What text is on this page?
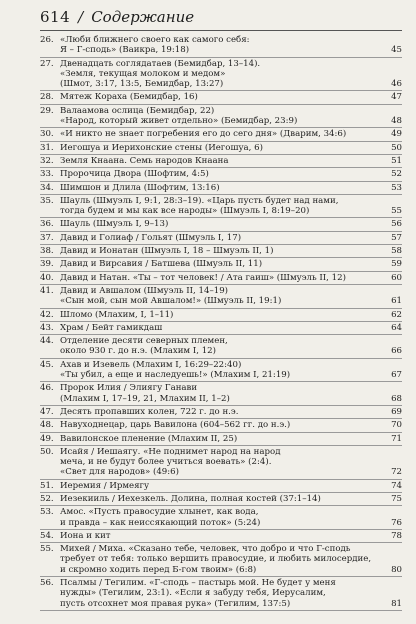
614 / Содержание
26. «Люби ближнего своего как самого себя:
Я – Г-сподь» (Ваикра, 19:18)	45
27. Двенадцать соглядатаев (Бемидбар, 13–14).
«Земля, текущая молоком и медом»
(Шмот, 3:17, 13:5, Бемидбар, 13:27)	46
28. Мятеж Кораха (Бемидбар, 16)	47
29. Валаамова ослица (Бемидбар, 22)
«Народ, который живет отдельно» (Бемидбар, 23:9)	48
30. «И никто не знает погребения его до сего дня» (Дварим, 34:6)	49
31. Йегошуа и Иерихонские стены (Йегошуа, 6)	50
32. Земля Кнаана. Семь народов Кнаана	51
33. Пророчица Двора (Шофтим, 4:5)	52
34. Шимшон и Длила (Шофтим, 13:16)	53
35. Шауль (Шмуэль I, 9:1, 28:3–19). «Царь пусть будет над нами,
тогда будем и мы как все народы» (Шмуэль I, 8:19–20)	55
36. Шауль (Шмуэль I, 9–13)	56
37. Давид и Голиаф / Гольят (Шмуэль I, 17)	57
38. Давид и Йонатан (Шмуэль I, 18 – Шмуэль II, 1)	58
39. Давид и Вирсавия / Батшева (Шмуэль II, 11)	59
40. Давид и Натан. «Ты – тот человек! / Ата гаиш» (Шмуэль II, 12)	60
41. Давид и Авшалом (Шмуэль II, 14–19)
«Сын мой, сын мой Авшалом!» (Шмуэль II, 19:1)	61
42. Шломо (Млахим, I, 1–11)	62
43. Храм / Бейт гамикдаш	64
44. Отделение десяти северных племен,
около 930 г. до н.э. (Млахим I, 12)	66
45. Ахав и Изевель (Млахим I, 16:29–22:40)
«Ты убил, а еще и наследуешь!» (Млахим I, 21:19)	67
46. Пророк Илия / Элиягу Ганави
(Млахим I, 17–19, 21, Млахим II, 1–2)	68
47. Десять пропавших колен, 722 г. до н.э.	69
48. Навуходнецар, царь Вавилона (604–562 гг. до н.э.)	70
49. Вавилонское пленение (Млахим II, 25)	71
50. Исайя / Йешаягу. «Не поднимет народ на народ
меча, и не будут более учиться воевать» (2:4).
«Свет для народов» (49:6)	72
51. Иеремия / Ирмеягу	74
52. Иезекииль / Йехезкель. Долина, полная костей (37:1–14)	75
53. Амос. «Пусть правосудие хлынет, как вода,
и правда – как неиссякающий поток» (5:24)	76
54. Йона и кит	78
55. Михей / Миха. «Сказано тебе, человек, что добро и что Г-сподь
требует от тебя: только вершить правосудие, и любить милосердие,
и скромно ходить перед Б-гом твоим» (6:8)	80
56. Псалмы / Тегилим. «Г-сподь – пастырь мой. Не будет у меня
нужды» (Тегилим, 23:1). «Если я забуду тебя, Иерусалим,
пусть отсохнет моя правая рука» (Тегилим, 137:5)	81
